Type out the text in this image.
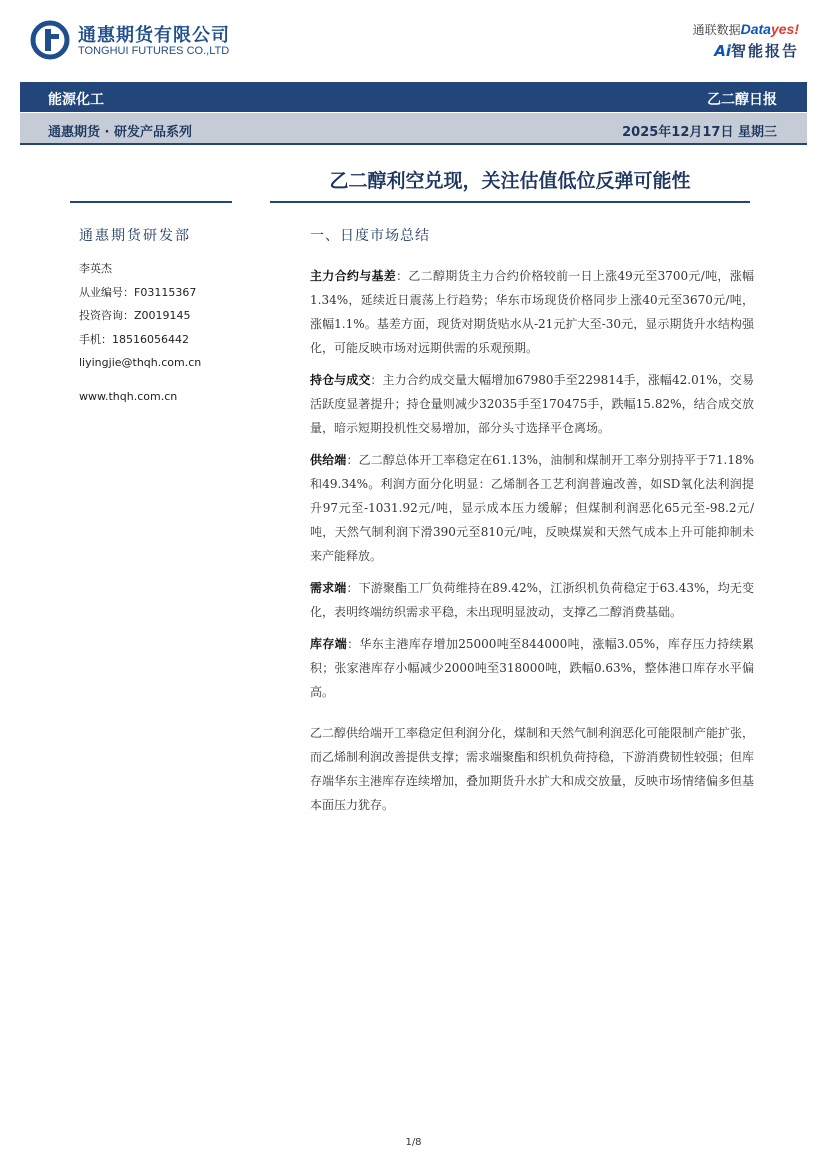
通惠期货有限公司
TONGHUI FUTURES CO.,LTD
通联数据Datayes!
Ai智能报告
能源化工	乙二醇日报
通惠期货 · 研发产品系列	2025年12月17日 星期三
乙二醇利空兑现，关注估值低位反弹可能性
通惠期货研发部
李英杰
从业编号：F03115367
投资咨询：Z0019145
手机：18516056442
liyingjie@thqh.com.cn
www.thqh.com.cn
一、日度市场总结

主力合约与基差：乙二醇期货主力合约价格较前一日上涨49元至3700元/吨，涨幅1.34%，延续近日震荡上行趋势；华东市场现货价格同步上涨40元至3670元/吨，涨幅1.1%。基差方面，现货对期货贴水从-21元扩大至-30元，显示期货升水结构强化，可能反映市场对远期供需的乐观预期。

持仓与成交：主力合约成交量大幅增加67980手至229814手，涨幅42.01%，交易活跃度显著提升；持仓量则减少32035手至170475手，跌幅15.82%，结合成交放量，暗示短期投机性交易增加，部分头寸选择平仓离场。

供给端：乙二醇总体开工率稳定在61.13%，油制和煤制开工率分别持平于71.18%和49.34%。利润方面分化明显：乙烯制各工艺利润普遍改善，如SD氧化法利润提升97元至-1031.92元/吨，显示成本压力缓解；但煤制利润恶化65元至-98.2元/吨，天然气制利润下滑390元至810元/吨，反映煤炭和天然气成本上升可能抑制未来产能释放。

需求端：下游聚酯工厂负荷维持在89.42%，江浙织机负荷稳定于63.43%，均无变化，表明终端纺织需求平稳，未出现明显波动，支撑乙二醇消费基础。

库存端：华东主港库存增加25000吨至844000吨，涨幅3.05%，库存压力持续累积；张家港库存小幅减少2000吨至318000吨，跌幅0.63%，整体港口库存水平偏高。

乙二醇供给端开工率稳定但利润分化，煤制和天然气制利润恶化可能限制产能扩张，而乙烯制利润改善提供支撑；需求端聚酯和织机负荷持稳，下游消费韧性较强；但库存端华东主港库存连续增加，叠加期货升水扩大和成交放量，反映市场情绪偏多但基本面压力犹存。

1/8
